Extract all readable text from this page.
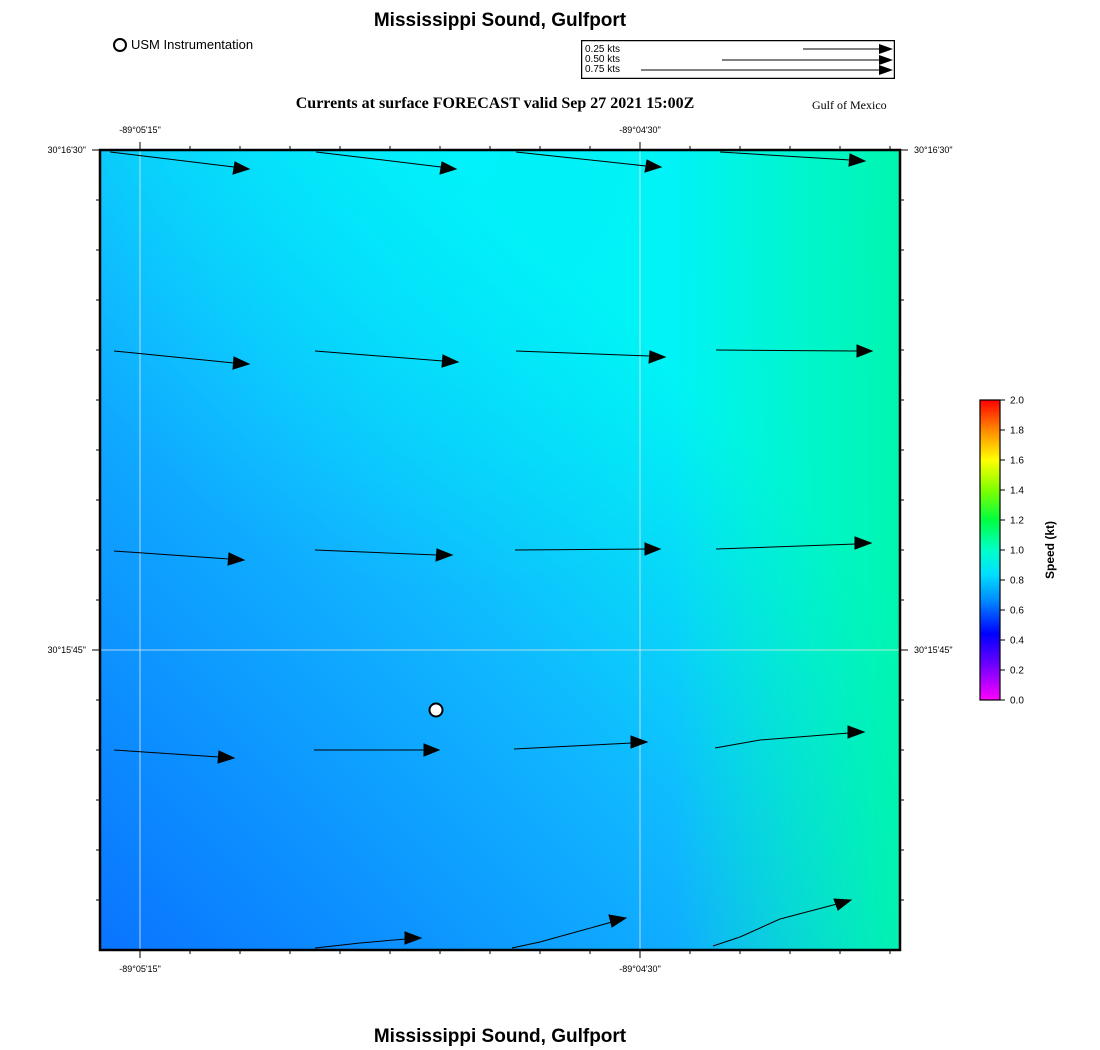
Mississippi Sound, Gulfport
USM Instrumentation	0.25 kts
0.50 kts
0.75 kts
Currents at surface FORECAST valid Sep 27 2021 15:00Z	Gulf of Mexico
-89°05'15"	-89°04'30"
-89°05'15"	-89°04'30"
30°16'30"
30°15'45"
30°16'30"
30°15'45"
0.0
0.2
0.4
0.6
0.8
1.0
1.2
1.4
1.6
1.8
2.0
Speed (kt)
Mississippi Sound, Gulfport
